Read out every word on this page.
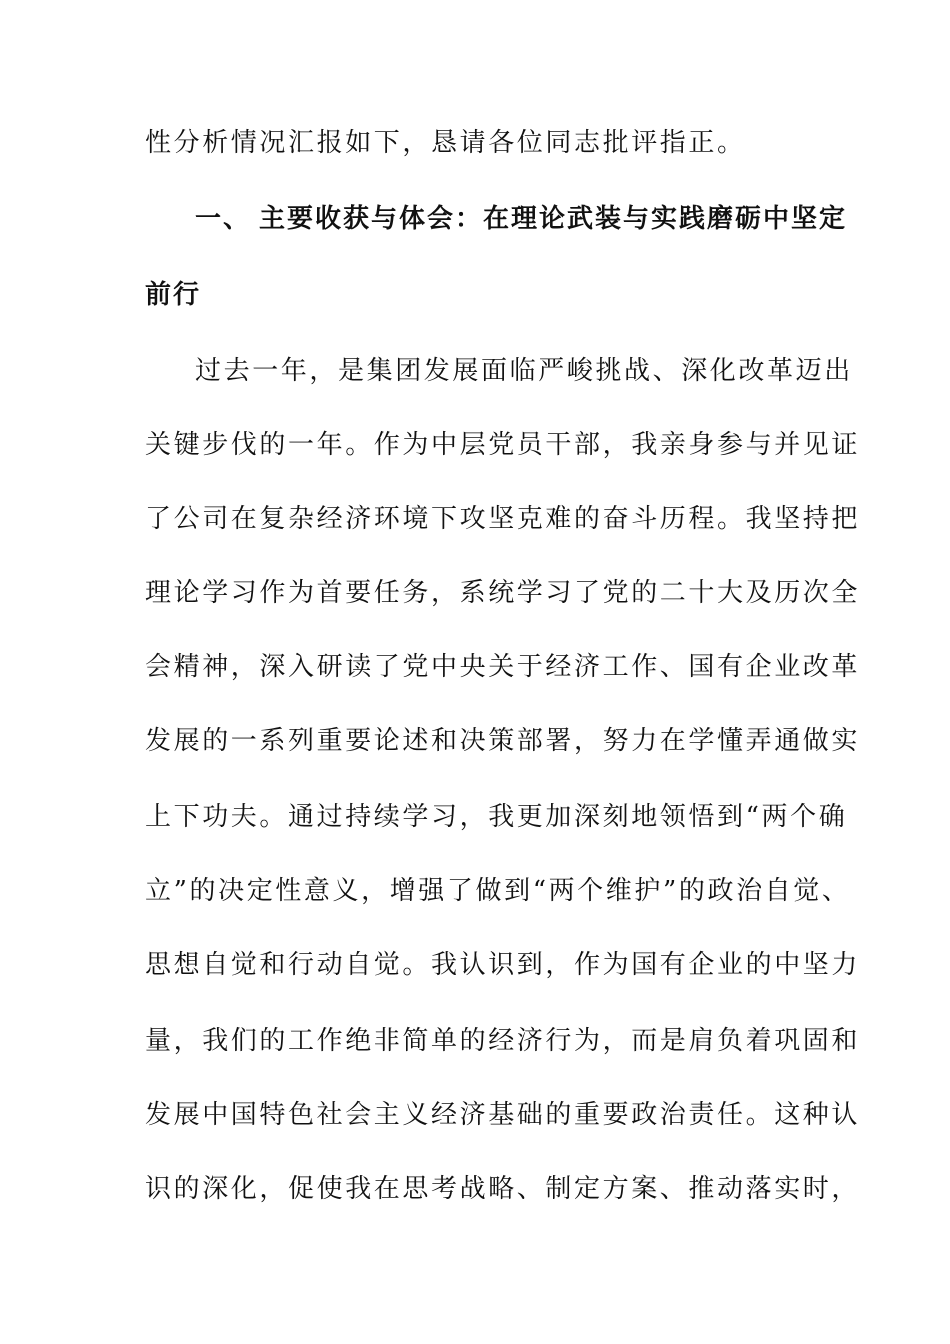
性分析情况汇报如下，恳请各位同志批评指正。
一、 主要收获与体会：在理论武装与实践磨砺中坚定
前行
过去一年，是集团发展面临严峻挑战、深化改革迈出
关键步伐的一年。作为中层党员干部，我亲身参与并见证
了公司在复杂经济环境下攻坚克难的奋斗历程。我坚持把
理论学习作为首要任务，系统学习了党的二十大及历次全
会精神，深入研读了党中央关于经济工作、国有企业改革
发展的一系列重要论述和决策部署，努力在学懂弄通做实
上下功夫。通过持续学习，我更加深刻地领悟到“两个确
立”的决定性意义，增强了做到“两个维护”的政治自觉、
思想自觉和行动自觉。我认识到，作为国有企业的中坚力
量，我们的工作绝非简单的经济行为，而是肩负着巩固和
发展中国特色社会主义经济基础的重要政治责任。这种认
识的深化，促使我在思考战略、制定方案、推动落实时，
